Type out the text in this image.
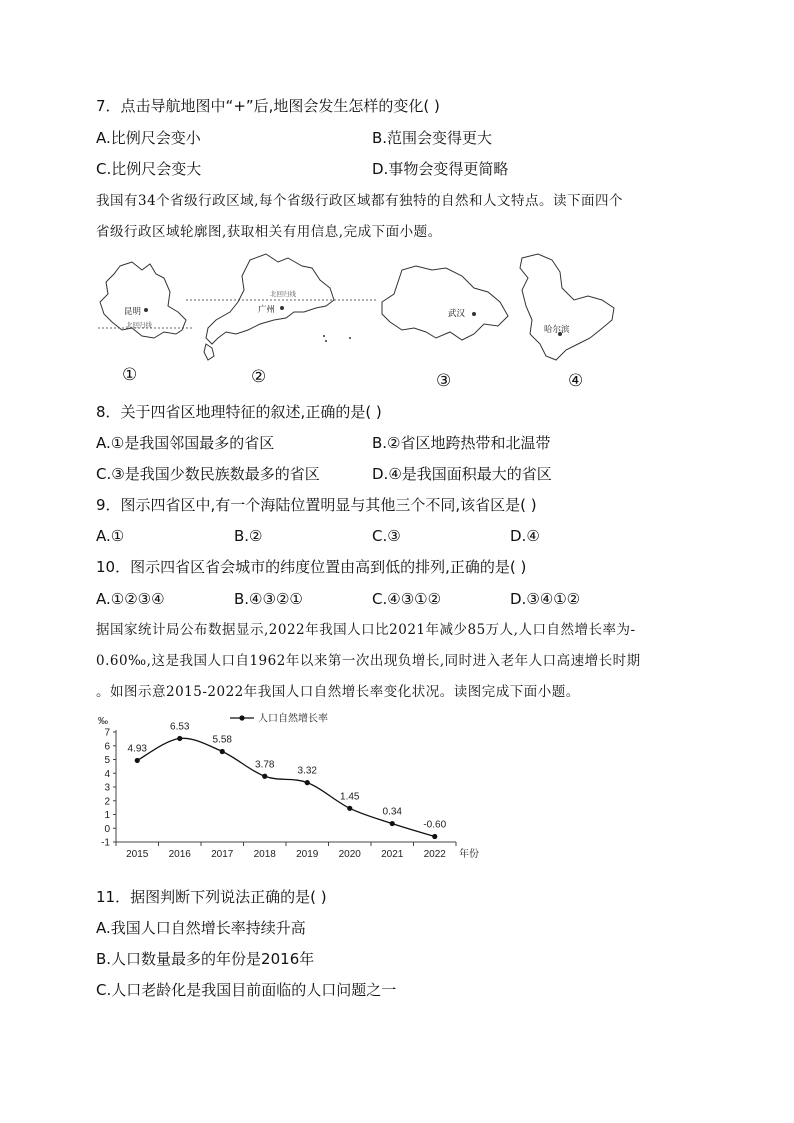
7．点击导航地图中“+”后,地图会发生怎样的变化( )
A.比例尺会变小	B.范围会变得更大
C.比例尺会变大	D.事物会变得更简略
我国有34个省级行政区域,每个省级行政区域都有独特的自然和人文特点。读下面四个
省级行政区域轮廓图,获取相关有用信息,完成下面小题。
昆明
北回归线
①
广州
北回归线
②
武汉
③
哈尔滨
④
8．关于四省区地理特征的叙述,正确的是( )
A.①是我国邻国最多的省区	B.②省区地跨热带和北温带
C.③是我国少数民族数最多的省区	D.④是我国面积最大的省区
9．图示四省区中,有一个海陆位置明显与其他三个不同,该省区是( )
A.①	B.②	C.③	D.④
10．图示四省区省会城市的纬度位置由高到低的排列,正确的是( )
A.①②③④	B.④③②①	C.④③①②	D.③④①②
据国家统计局公布数据显示,2022年我国人口比2021年减少85万人,人口自然增长率为-
0.60‰,这是我国人口自1962年以来第一次出现负增长,同时进入老年人口高速增长时期
。如图示意2015-2022年我国人口自然增长率变化状况。读图完成下面小题。
7
6
5
4
3
2
1
0
-1
2015 2016 2017 2018 2019 2020 2021 2022
‰
年份
人口自然增长率
4.93
6.53
5.58
3.78
3.32
1.45
0.34
-0.60
11．据图判断下列说法正确的是( )
A.我国人口自然增长率持续升高
B.人口数量最多的年份是2016年
C.人口老龄化是我国目前面临的人口问题之一
